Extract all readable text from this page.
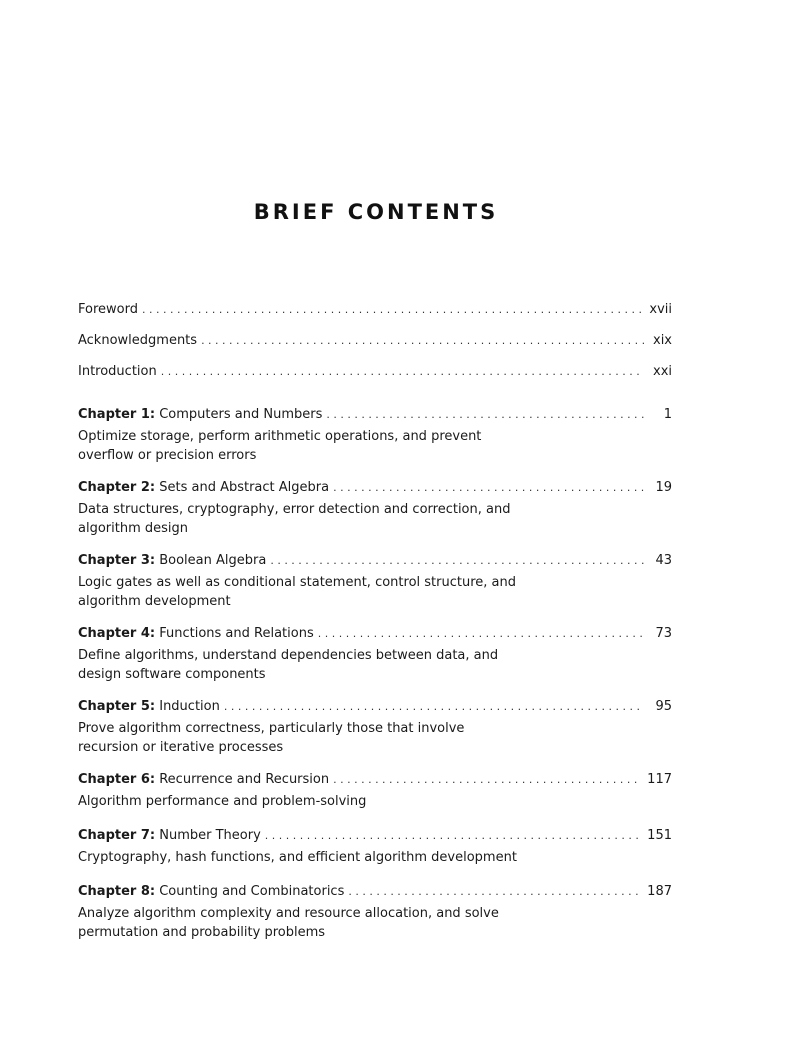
BRIEF CONTENTS
Foreword . . .	xvii
Acknowledgments . . .	xix
Introduction . . .	xxi
Chapter 1: Computers and Numbers . . .	1
Optimize storage, perform arithmetic operations, and prevent overflow or precision errors
Chapter 2: Sets and Abstract Algebra . . .	19
Data structures, cryptography, error detection and correction, and algorithm design
Chapter 3: Boolean Algebra . . .	43
Logic gates as well as conditional statement, control structure, and algorithm development
Chapter 4: Functions and Relations . . .	73
Define algorithms, understand dependencies between data, and design software components
Chapter 5: Induction . . .	95
Prove algorithm correctness, particularly those that involve recursion or iterative processes
Chapter 6: Recurrence and Recursion . . .	117
Algorithm performance and problem-solving
Chapter 7: Number Theory . . .	151
Cryptography, hash functions, and efficient algorithm development
Chapter 8: Counting and Combinatorics . . .	187
Analyze algorithm complexity and resource allocation, and solve permutation and probability problems
